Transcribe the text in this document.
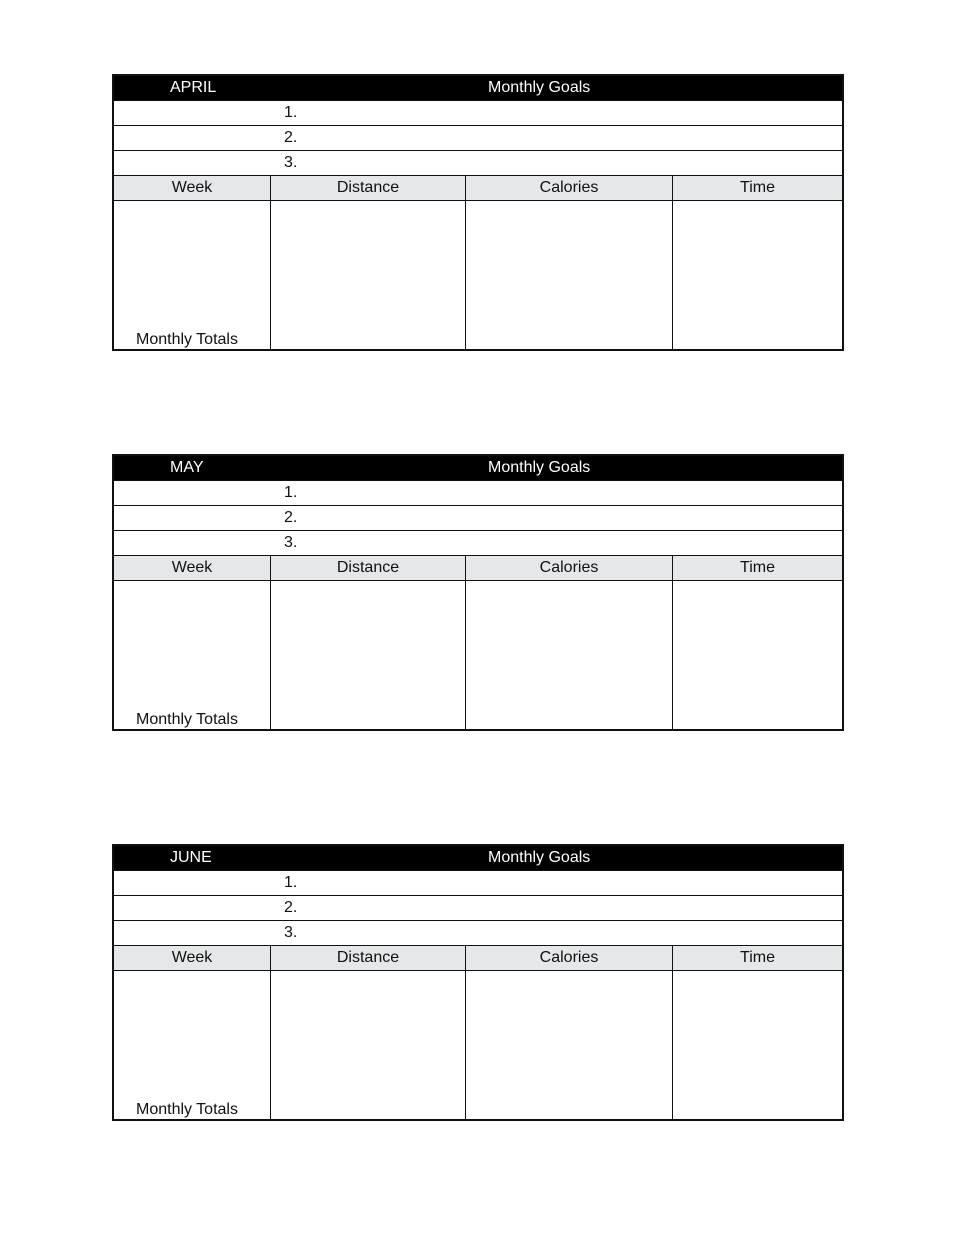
APRIL	Monthly Goals
1.
2.
3.
Week	Distance	Calories	Time
Monthly Totals
MAY	Monthly Goals
1.
2.
3.
Week	Distance	Calories	Time
Monthly Totals
JUNE	Monthly Goals
1.
2.
3.
Week	Distance	Calories	Time
Monthly Totals
